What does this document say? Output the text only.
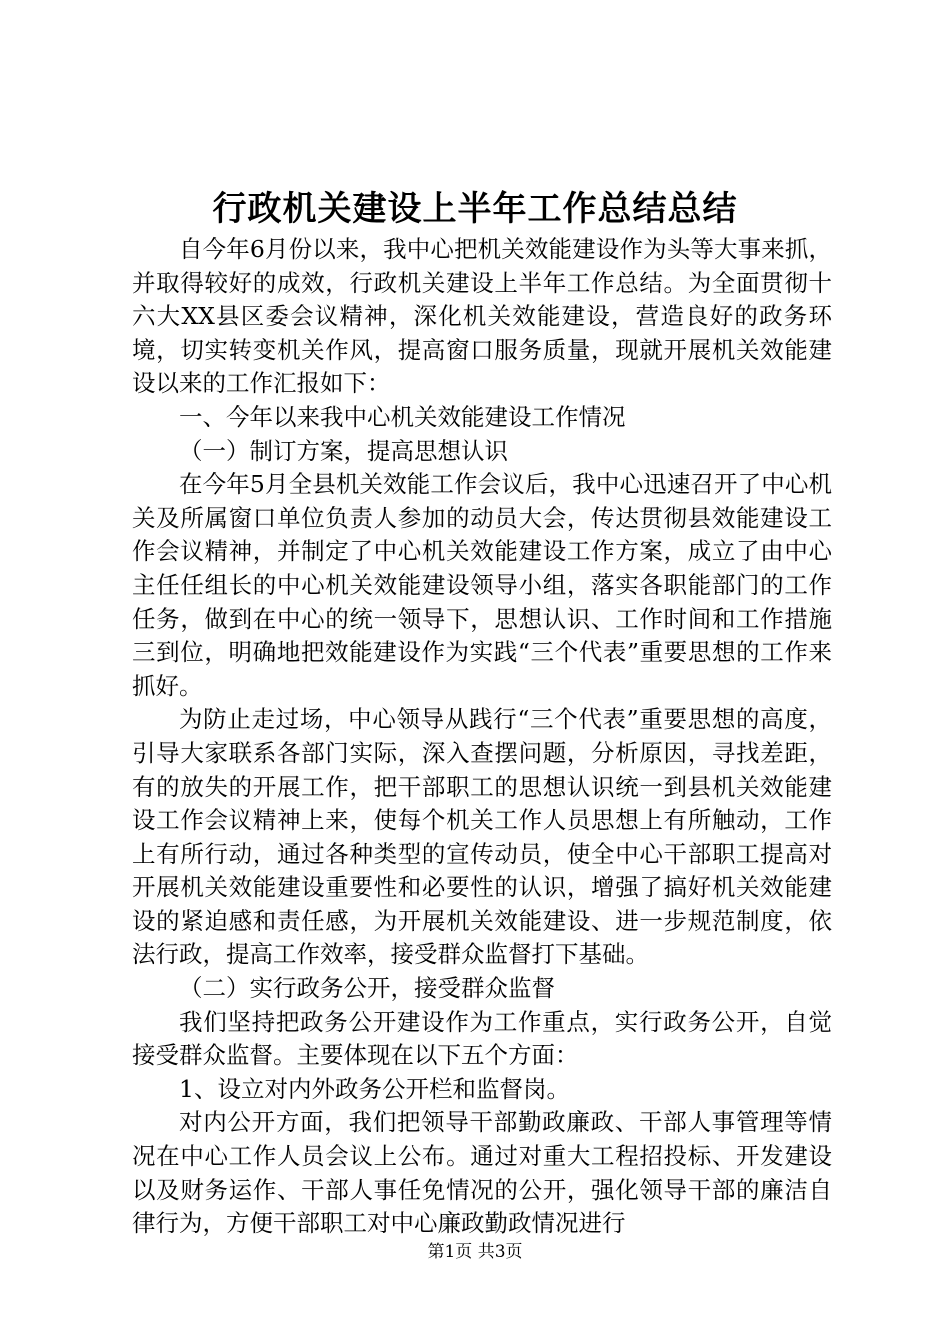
行政机关建设上半年工作总结总结

自今年6月份以来，我中心把机关效能建设作为头等大事来抓，并取得较好的成效，行政机关建设上半年工作总结。为全面贯彻十六大XX县区委会议精神，深化机关效能建设，营造良好的政务环境，切实转变机关作风，提高窗口服务质量，现就开展机关效能建设以来的工作汇报如下：

一、今年以来我中心机关效能建设工作情况

（一）制订方案，提高思想认识

在今年5月全县机关效能工作会议后，我中心迅速召开了中心机关及所属窗口单位负责人参加的动员大会，传达贯彻县效能建设工作会议精神，并制定了中心机关效能建设工作方案，成立了由中心主任任组长的中心机关效能建设领导小组，落实各职能部门的工作任务，做到在中心的统一领导下，思想认识、工作时间和工作措施三到位，明确地把效能建设作为实践“三个代表”重要思想的工作来抓好。

为防止走过场，中心领导从践行“三个代表”重要思想的高度，引导大家联系各部门实际，深入查摆问题，分析原因，寻找差距，有的放失的开展工作，把干部职工的思想认识统一到县机关效能建设工作会议精神上来，使每个机关工作人员思想上有所触动，工作上有所行动，通过各种类型的宣传动员，使全中心干部职工提高对开展机关效能建设重要性和必要性的认识，增强了搞好机关效能建设的紧迫感和责任感，为开展机关效能建设、进一步规范制度，依法行政，提高工作效率，接受群众监督打下基础。

（二）实行政务公开，接受群众监督

我们坚持把政务公开建设作为工作重点，实行政务公开，自觉接受群众监督。主要体现在以下五个方面：

1、设立对内外政务公开栏和监督岗。

对内公开方面，我们把领导干部勤政廉政、干部人事管理等情况在中心工作人员会议上公布。通过对重大工程招投标、开发建设以及财务运作、干部人事任免情况的公开，强化领导干部的廉洁自律行为，方便干部职工对中心廉政勤政情况进行

第1页 共3页
